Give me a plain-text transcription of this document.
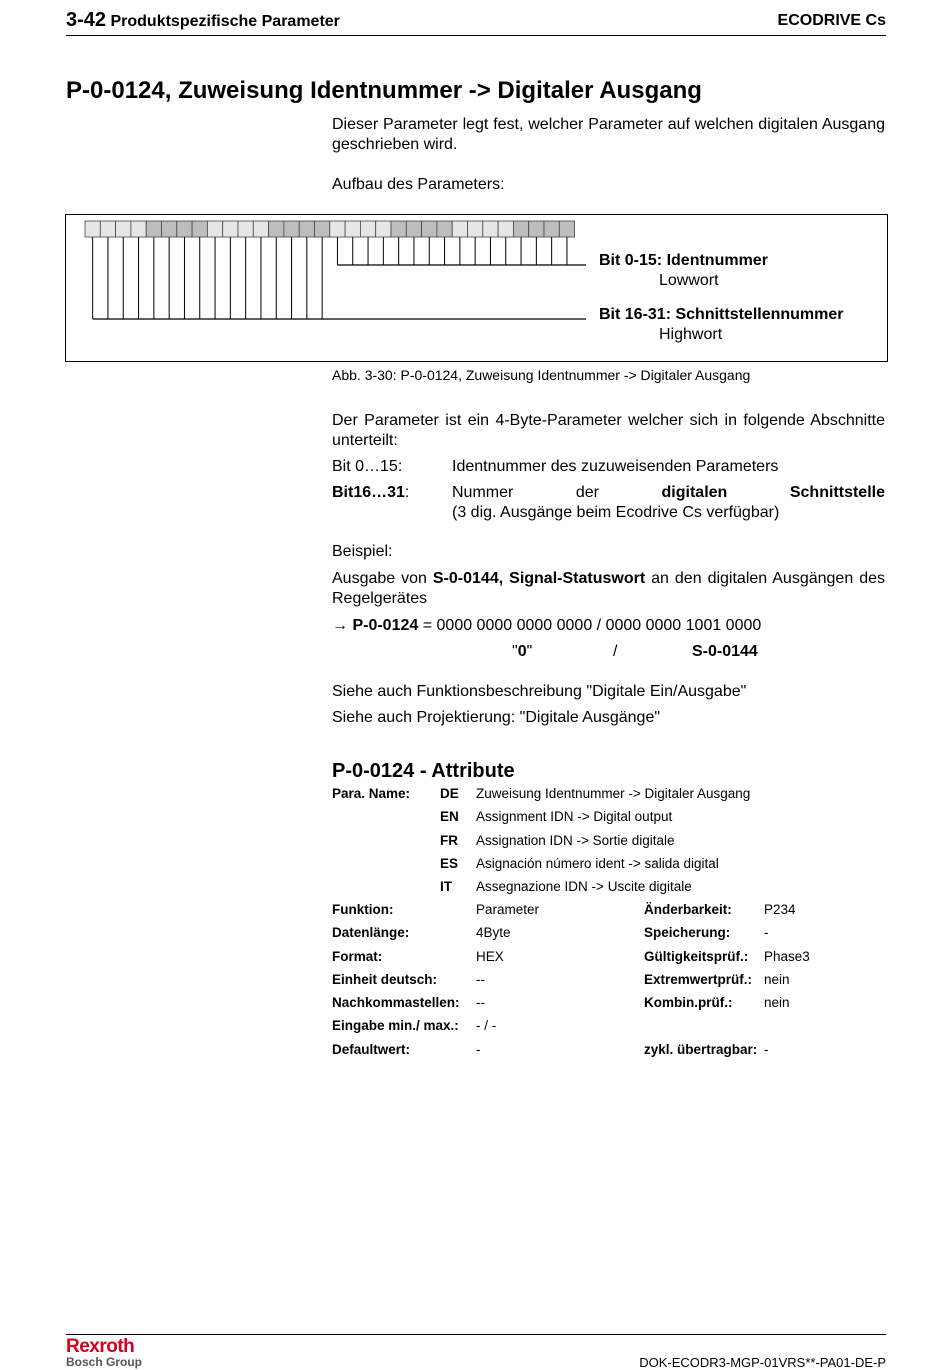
3-42 Produktspezifische Parameter	ECODRIVE Cs
P-0-0124, Zuweisung Identnummer -> Digitaler Ausgang
Dieser Parameter legt fest, welcher Parameter auf welchen digitalen Ausgang geschrieben wird.
Aufbau des Parameters:
Bit 0-15: Identnummer
Lowwort
Bit 16-31: Schnittstellennummer
Highwort
Abb. 3-30: P-0-0124, Zuweisung Identnummer -> Digitaler Ausgang
Der Parameter ist ein 4-Byte-Parameter welcher sich in folgende Abschnitte unterteilt:
Bit 0…15:	Identnummer des zuzuweisenden Parameters
Bit16…31:	Nummer	der	digitalen	Schnittstelle
(3 dig. Ausgänge beim Ecodrive Cs verfügbar)
Beispiel:
Ausgabe von S-0-0144, Signal-Statuswort an den digitalen Ausgängen des Regelgerätes
→ P-0-0124 = 0000 0000 0000 0000 / 0000 0000 1001 0000
"0"	/	S-0-0144
Siehe auch Funktionsbeschreibung "Digitale Ein/Ausgabe"
Siehe auch Projektierung: "Digitale Ausgänge"
P-0-0124 - Attribute
Para. Name: DE Zuweisung Identnummer -> Digitaler Ausgang
EN Assignment IDN -> Digital output
FR Assignation IDN -> Sortie digitale
ES Asignación número ident -> salida digital
IT Assegnazione IDN -> Uscite digitale
Funktion:	Parameter	Änderbarkeit: P234
Datenlänge:	4Byte	Speicherung: -
Format:	HEX	Gültigkeitsprüf.: Phase3
Einheit deutsch:	--	Extremwertprüf.: nein
Nachkommastellen: --	Kombin.prüf.: nein
Eingabe min./ max.: - / -
Defaultwert:	-	zykl. übertragbar: -
Rexroth
Bosch Group	DOK-ECODR3-MGP-01VRS**-PA01-DE-P
